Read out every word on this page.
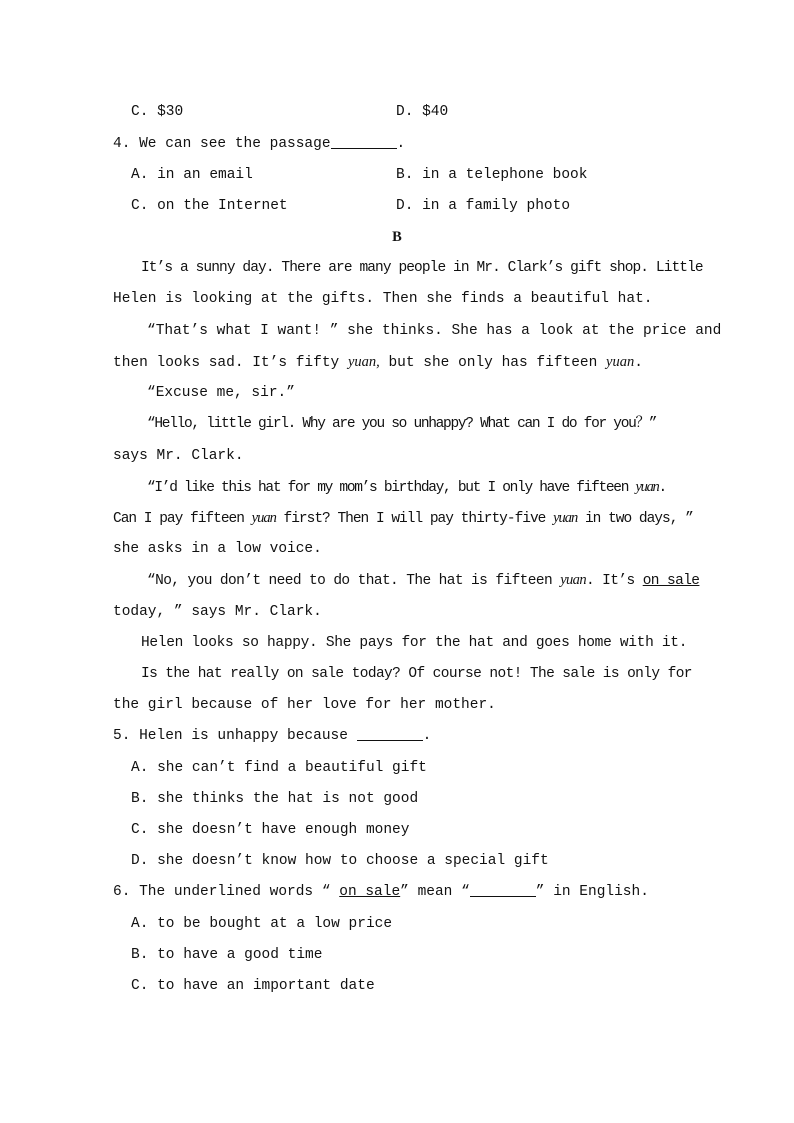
C. $30	D. $40
4. We can see the passage	.
A. in an email	B. in a telephone book
C. on the Internet	D. in a family photo
B
It’s a sunny day. There are many people in Mr. Clark’s gift shop. Little
Helen is looking at the gifts. Then she finds a beautiful hat.
“That’s what I want! ” she thinks. She has a look at the price and
then looks sad. It’s fifty yuan, but she only has fifteen yuan.
“Excuse me, sir.”
“Hello, little girl. Why are you so unhappy? What can I do for you？”
says Mr. Clark.
“I’d like this hat for my mom’s birthday, but I only have fifteen yuan.
Can I pay fifteen yuan first? Then I will pay thirty-five yuan in two days, ”
she asks in a low voice.
“No, you don’t need to do that. The hat is fifteen yuan. It’s on sale
today, ” says Mr. Clark.
Helen looks so happy. She pays for the hat and goes home with it.
Is the hat really on sale today? Of course not! The sale is only for
the girl because of her love for her mother.
5. Helen is unhappy because	.
A. she can’t find a beautiful gift
B. she thinks the hat is not good
C. she doesn’t have enough money
D. she doesn’t know how to choose a special gift
6. The underlined words “ on sale” mean “	” in English.
A. to be bought at a low price
B. to have a good time
C. to have an important date
